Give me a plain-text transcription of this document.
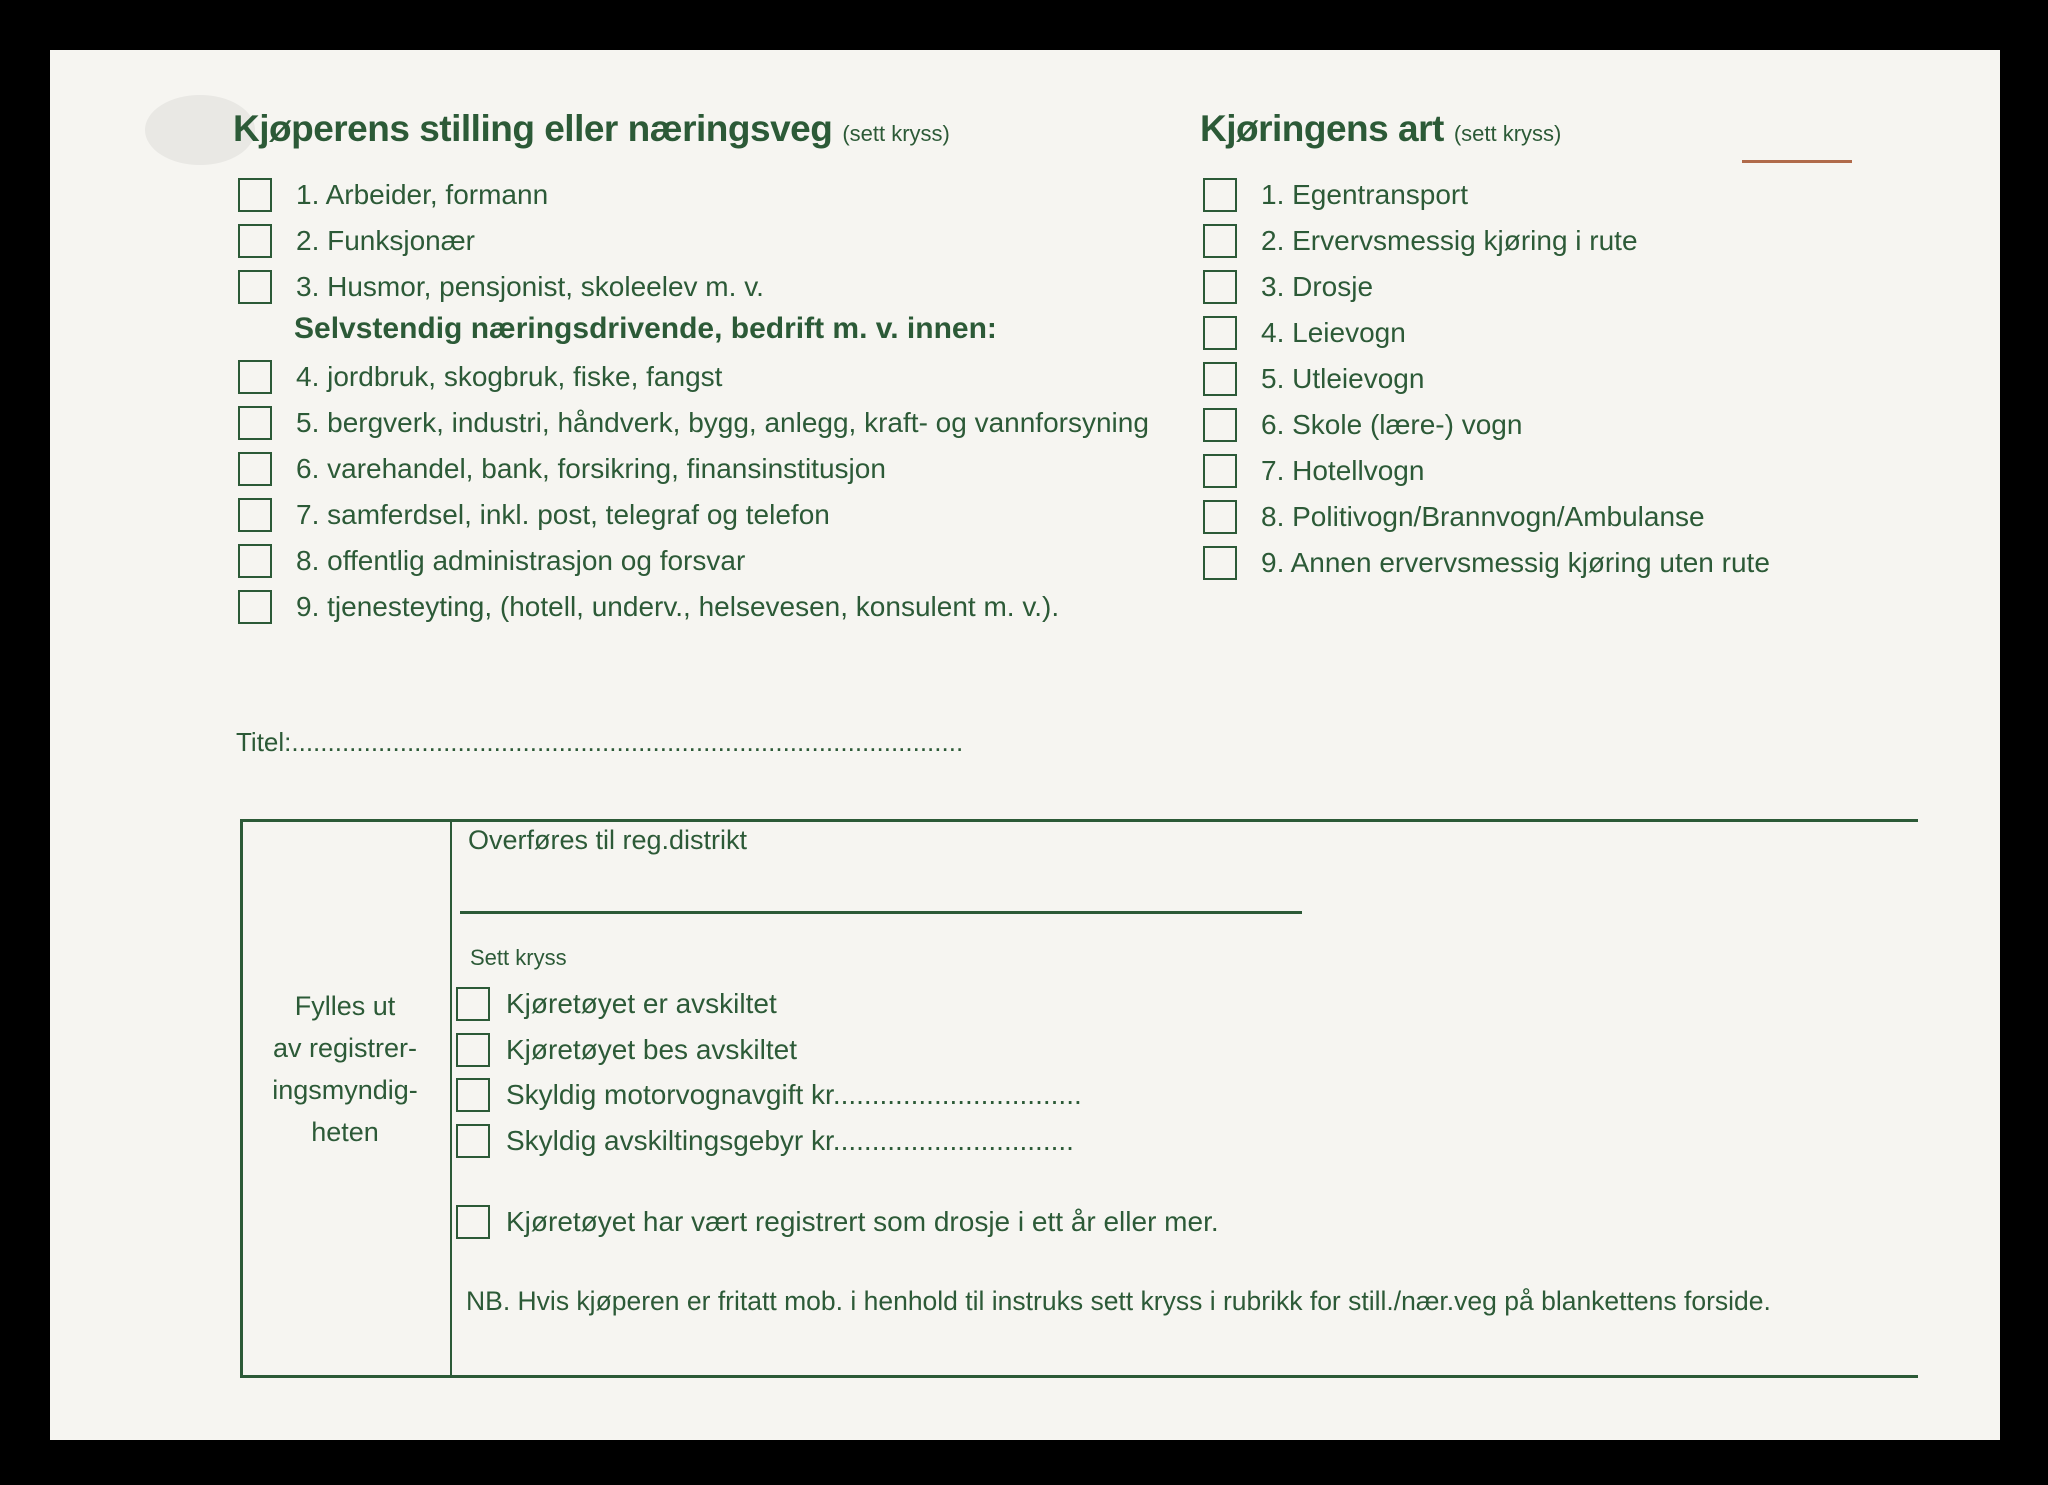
Kjøperens stilling eller næringsveg (sett kryss)
1. Arbeider, formann
2. Funksjonær
3. Husmor, pensjonist, skoleelev m. v.
Selvstendig næringsdrivende, bedrift m. v. innen:
4. jordbruk, skogbruk, fiske, fangst
5. bergverk, industri, håndverk, bygg, anlegg, kraft- og vannforsyning
6. varehandel, bank, forsikring, finansinstitusjon
7. samferdsel, inkl. post, telegraf og telefon
8. offentlig administrasjon og forsvar
9. tjenesteyting, (hotell, underv., helsevesen, konsulent m. v.).
Kjøringens art (sett kryss)
1. Egentransport
2. Ervervsmessig kjøring i rute
3. Drosje
4. Leievogn
5. Utleievogn
6. Skole (lære-) vogn
7. Hotellvogn
8. Politivogn/Brannvogn/Ambulanse
9. Annen ervervsmessig kjøring uten rute
Titel:.............................................................................................
Fylles ut
av registrer-
ingsmyndig-
heten
Overføres til reg.distrikt
Sett kryss
Kjøretøyet er avskiltet
Kjøretøyet bes avskiltet
Skyldig motorvognavgift kr................................
Skyldig avskiltingsgebyr kr...............................
Kjøretøyet har vært registrert som drosje i ett år eller mer.
NB. Hvis kjøperen er fritatt mob. i henhold til instruks sett kryss i rubrikk for still./nær.veg på blankettens forside.
